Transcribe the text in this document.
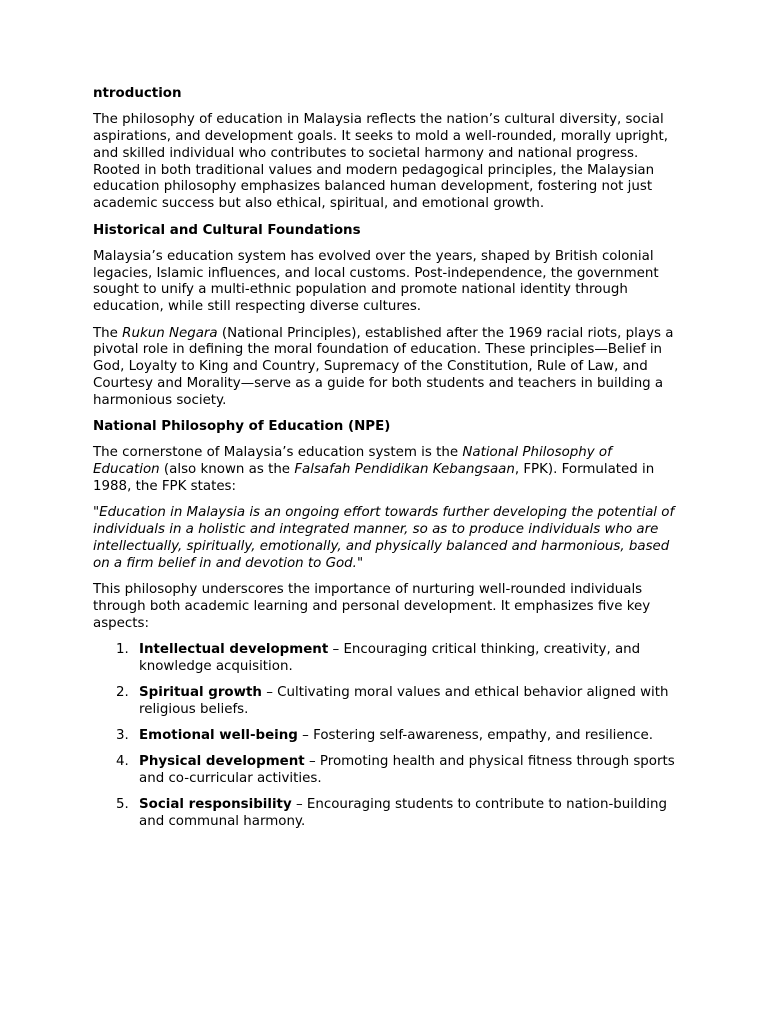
ntroduction

The philosophy of education in Malaysia reflects the nation’s cultural diversity, social aspirations, and development goals. It seeks to mold a well-rounded, morally upright, and skilled individual who contributes to societal harmony and national progress. Rooted in both traditional values and modern pedagogical principles, the Malaysian education philosophy emphasizes balanced human development, fostering not just academic success but also ethical, spiritual, and emotional growth.

Historical and Cultural Foundations

Malaysia’s education system has evolved over the years, shaped by British colonial legacies, Islamic influences, and local customs. Post-independence, the government sought to unify a multi-ethnic population and promote national identity through education, while still respecting diverse cultures.

The Rukun Negara (National Principles), established after the 1969 racial riots, plays a pivotal role in defining the moral foundation of education. These principles—Belief in God, Loyalty to King and Country, Supremacy of the Constitution, Rule of Law, and Courtesy and Morality—serve as a guide for both students and teachers in building a harmonious society.

National Philosophy of Education (NPE)

The cornerstone of Malaysia’s education system is the National Philosophy of Education (also known as the Falsafah Pendidikan Kebangsaan, FPK). Formulated in 1988, the FPK states:

"Education in Malaysia is an ongoing effort towards further developing the potential of individuals in a holistic and integrated manner, so as to produce individuals who are intellectually, spiritually, emotionally, and physically balanced and harmonious, based on a firm belief in and devotion to God."

This philosophy underscores the importance of nurturing well-rounded individuals through both academic learning and personal development. It emphasizes five key aspects:

1. Intellectual development – Encouraging critical thinking, creativity, and knowledge acquisition.
2. Spiritual growth – Cultivating moral values and ethical behavior aligned with religious beliefs.
3. Emotional well-being – Fostering self-awareness, empathy, and resilience.
4. Physical development – Promoting health and physical fitness through sports and co-curricular activities.
5. Social responsibility – Encouraging students to contribute to nation-building and communal harmony.
